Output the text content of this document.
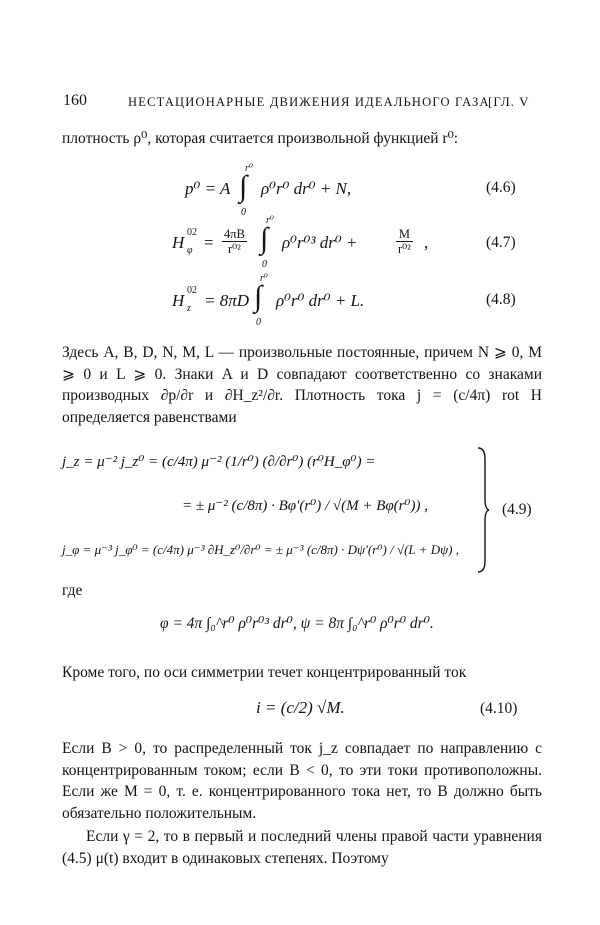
160	НЕСТАЦИОНАРНЫЕ ДВИЖЕНИЯ ИДЕАЛЬНОГО ГАЗА
[ГЛ. V

плотность ρ⁰, которая считается произвольной функцией r⁰:

p⁰ = A ∫
r⁰
0
ρ⁰r⁰ dr⁰ + N,	(4.6)
H
02
$\varphi = \frac{4\pi B}{\text{r⁰²}}$ ∫
r⁰
0
ρ⁰r⁰³ dr⁰ +	$\frac{M}{\text{r⁰²}}$ ,	(4.7)
H
02
z = 8πD ∫
r⁰
0
ρ⁰r⁰ dr⁰ + L.	(4.8)

Здесь A, B, D, N, M, L — произвольные постоянные, причем N ⩾ 0, M ⩾ 0 и L ⩾ 0. Знаки A и D совпадают соответственно со знаками производных ∂p/∂r и ∂H_z²/∂r. Плотность тока j = (c/4π) rot H определяется равенствами

j_z = μ⁻² j_z⁰ = (c/4π) μ⁻² (1/r⁰) (∂/∂r⁰) (r⁰H_φ⁰) =
= ± μ⁻² (c/8π) · Bφ′(r⁰) / √(M + Bφ(r⁰)) ,
j_φ = μ⁻³ j_φ⁰ = (c/4π) μ⁻³ ∂H_z⁰/∂r⁰ = ± μ⁻³ (c/8π) · Dψ′(r⁰) / √(L + Dψ) ,
(4.9)
где
φ = 4π ∫₀^r⁰ ρ⁰r⁰³ dr⁰, ψ = 8π ∫₀^r⁰ ρ⁰r⁰ dr⁰.

Кроме того, по оси симметрии течет концентрированный ток

i = (c/2) √M.	(4.10)

Если B > 0, то распределенный ток j_z совпадает по направлению с концентрированным током; если B < 0, то эти токи противоположны. Если же M = 0, т. е. концентрированного тока нет, то B должно быть обязательно положительным.

Если γ = 2, то в первый и последний члены правой части уравнения (4.5) μ(t) входит в одинаковых степенях. Поэтому
